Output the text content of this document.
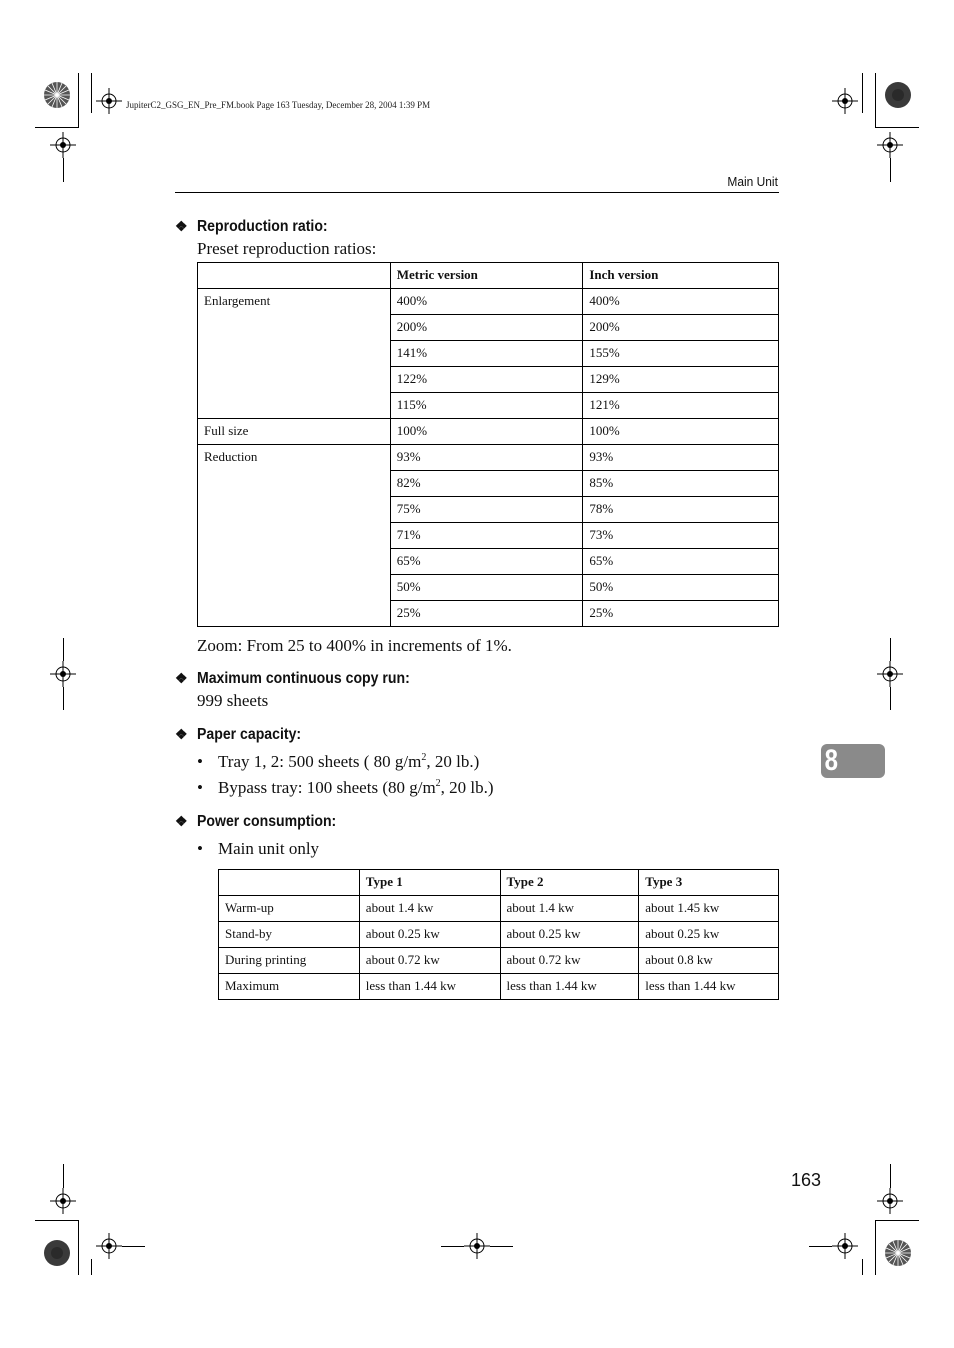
JupiterC2_GSG_EN_Pre_FM.book Page 163 Tuesday, December 28, 2004 1:39 PM
Main Unit
❖ Reproduction ratio:
Preset reproduction ratios:
	Metric version	Inch version
Enlargement	400%	400%
	200%	200%
	141%	155%
	122%	129%
	115%	121%
Full size	100%	100%
Reduction	93%	93%
	82%	85%
	75%	78%
	71%	73%
	65%	65%
	50%	50%
	25%	25%
Zoom: From 25 to 400% in increments of 1%.
❖ Maximum continuous copy run:
999 sheets
❖ Paper capacity:
• Tray 1, 2: 500 sheets ( 80 $g/m^2$, 20 lb.)
• Bypass tray: 100 sheets (80 $g/m^2$, 20 lb.)
❖ Power consumption:
• Main unit only
	Type 1	Type 2	Type 3
Warm-up	about 1.4 kw	about 1.4 kw	about 1.45 kw
Stand-by	about 0.25 kw	about 0.25 kw	about 0.25 kw
During printing	about 0.72 kw	about 0.72 kw	about 0.8 kw
Maximum	less than 1.44 kw	less than 1.44 kw	less than 1.44 kw
8
163
